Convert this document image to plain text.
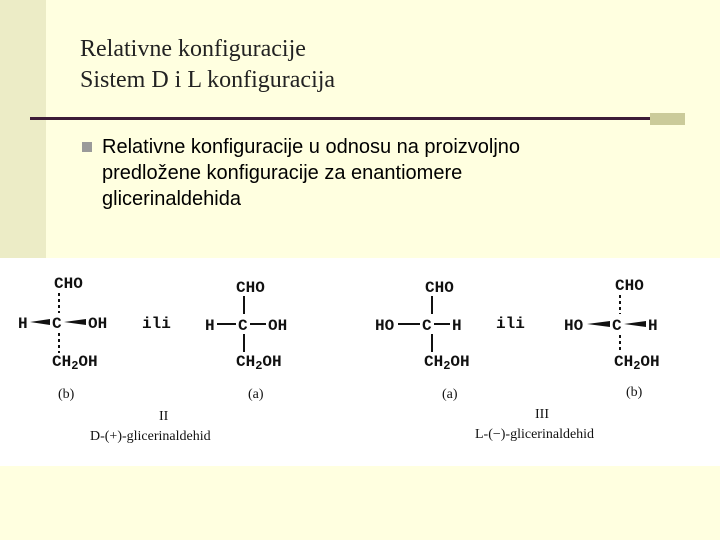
Relativne konfiguracije
Sistem D i L konfiguracija
Relativne konfiguracije u odnosu na proizvoljno
predložene konfiguracije za enantiomere
glicerinaldehida
CHO
H C OH
CH2OH
(b)
ili
CHO
H C OH
CH2OH
(a)
CHO
HO C H
CH2OH
(a)
ili
CHO
HO C H
CH2OH
(b)
II
D-(+)-glicerinaldehid
III
L-(−)-glicerinaldehid
